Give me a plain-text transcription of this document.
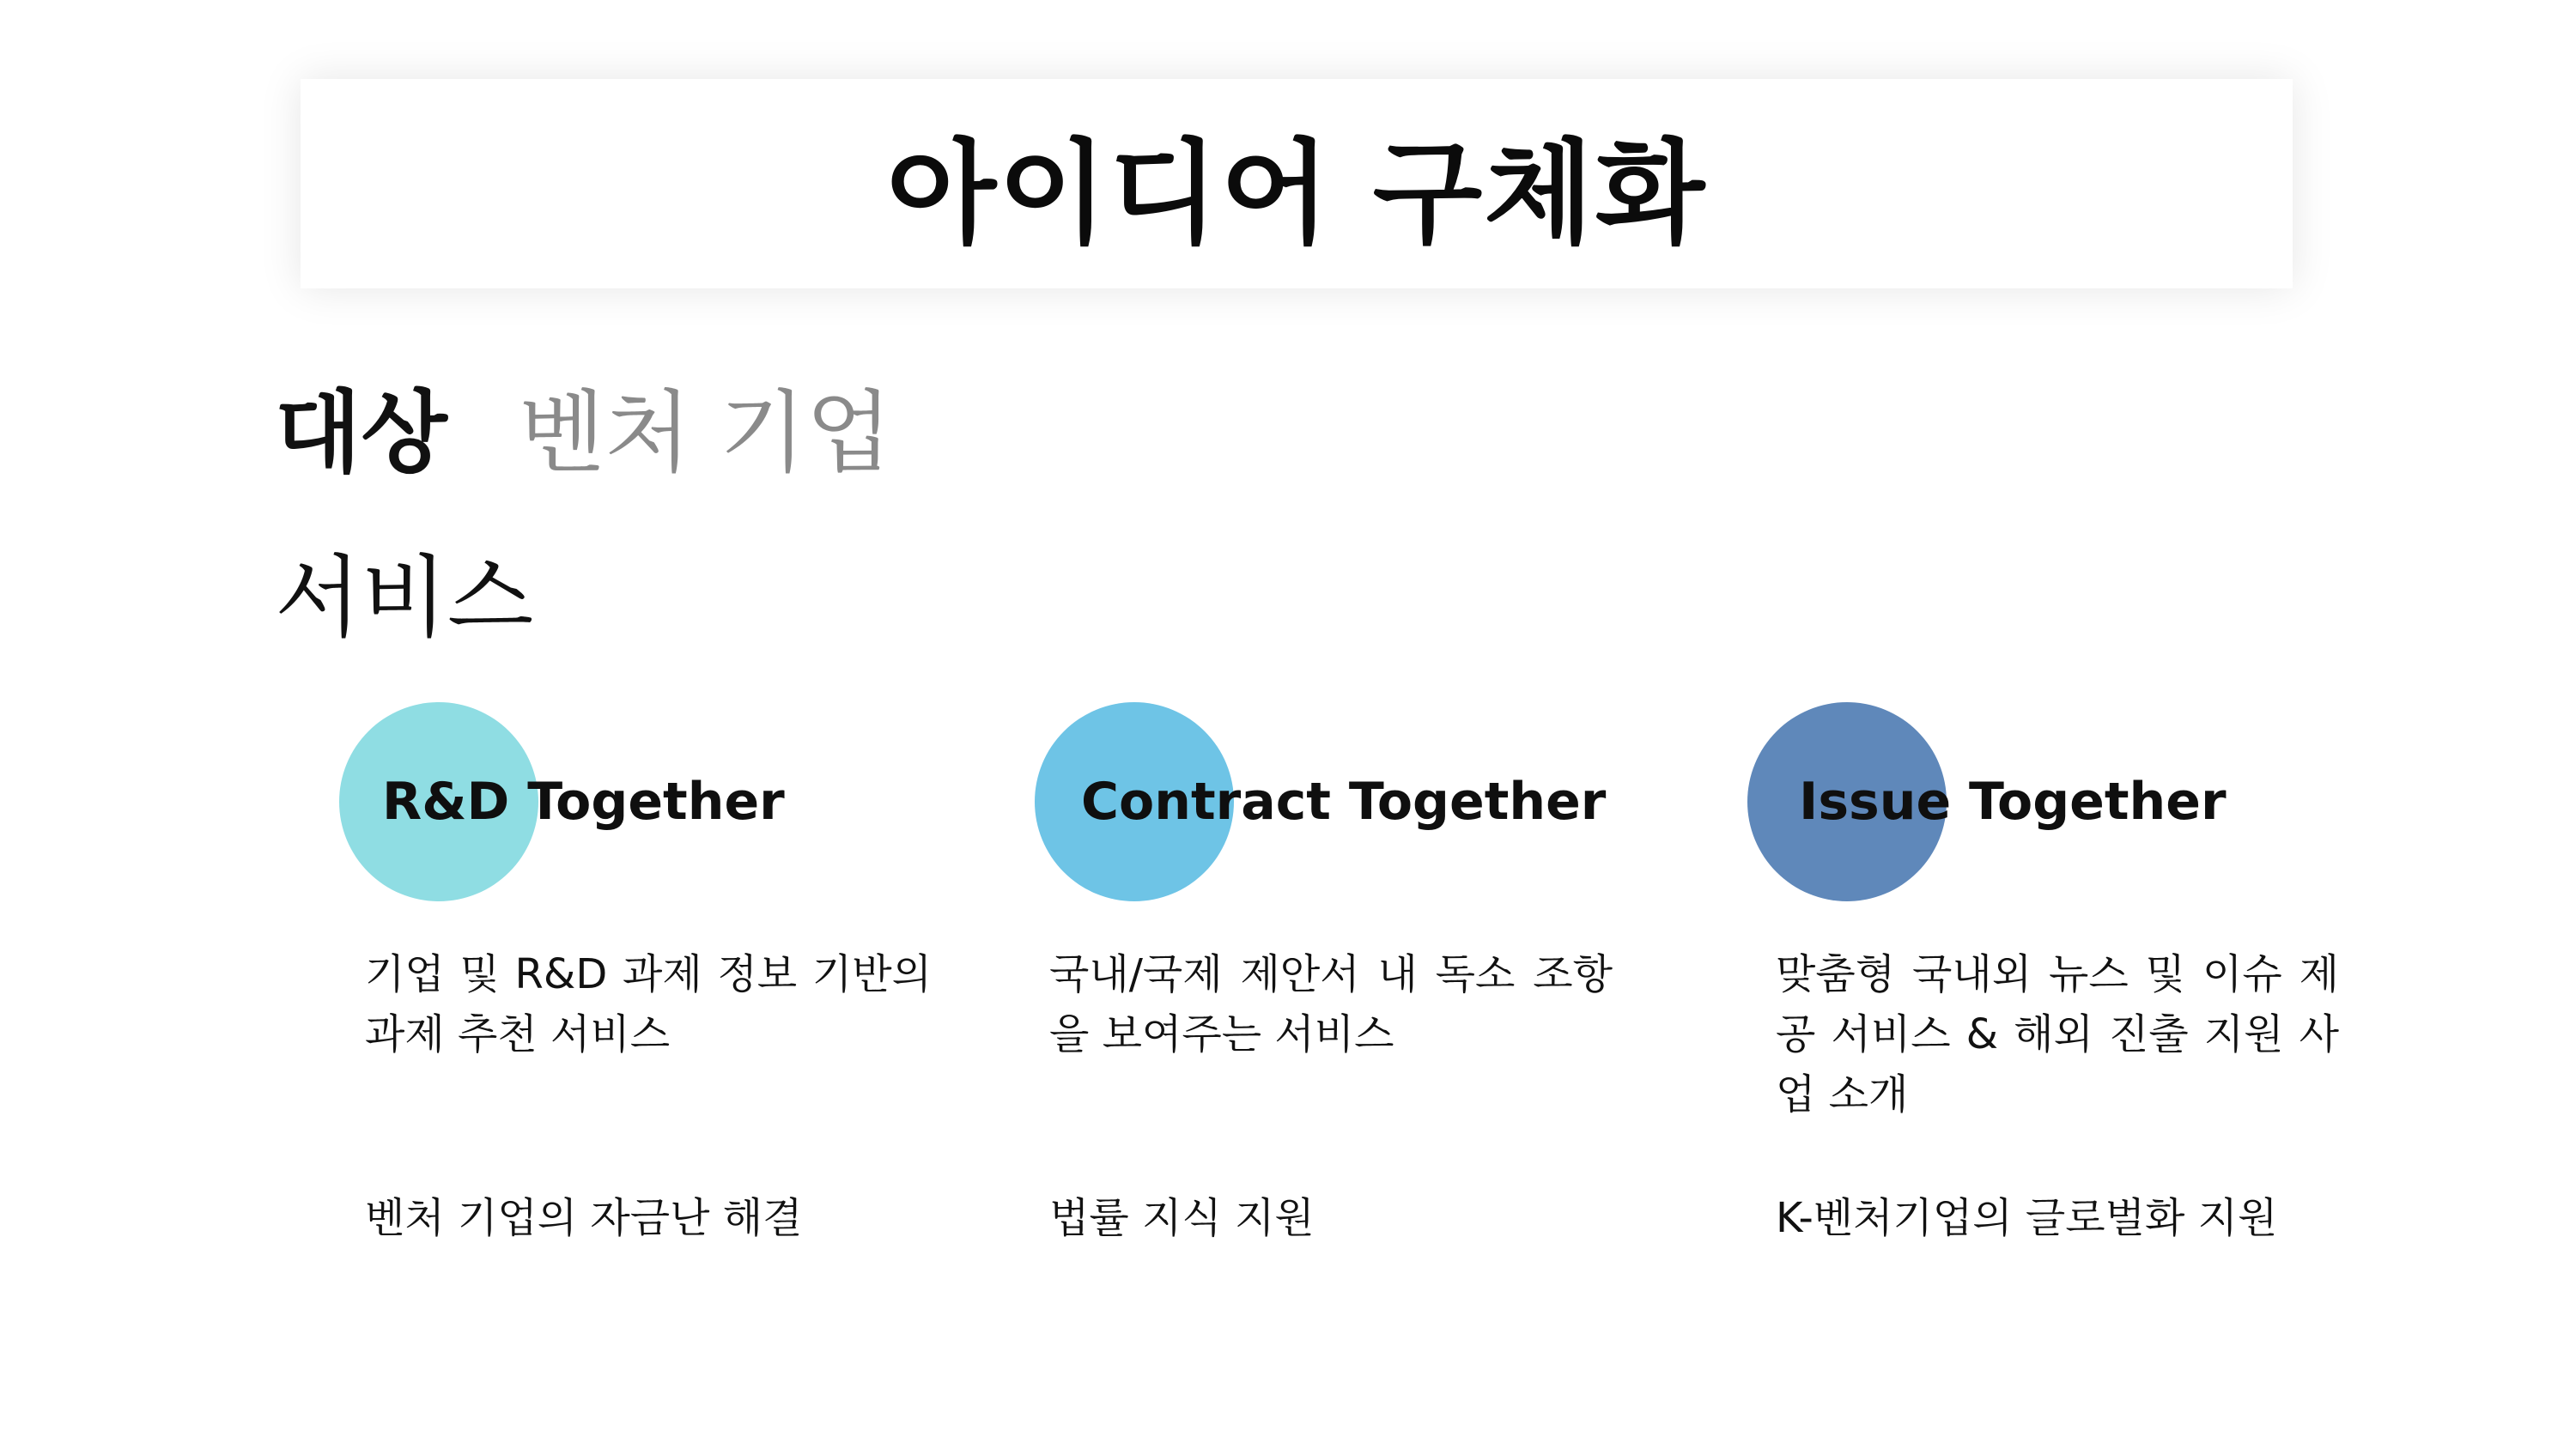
아이디어 구체화
대상 벤처 기업
서비스
R&D Together
기업 및 R&D 과제 정보 기반의 과제 추천 서비스
벤처 기업의 자금난 해결
Contract Together
국내/국제 제안서 내 독소 조항을 보여주는 서비스
법률 지식 지원
Issue Together
맞춤형 국내외 뉴스 및 이슈 제공 서비스 & 해외 진출 지원 사업 소개
K-벤처기업의 글로벌화 지원
